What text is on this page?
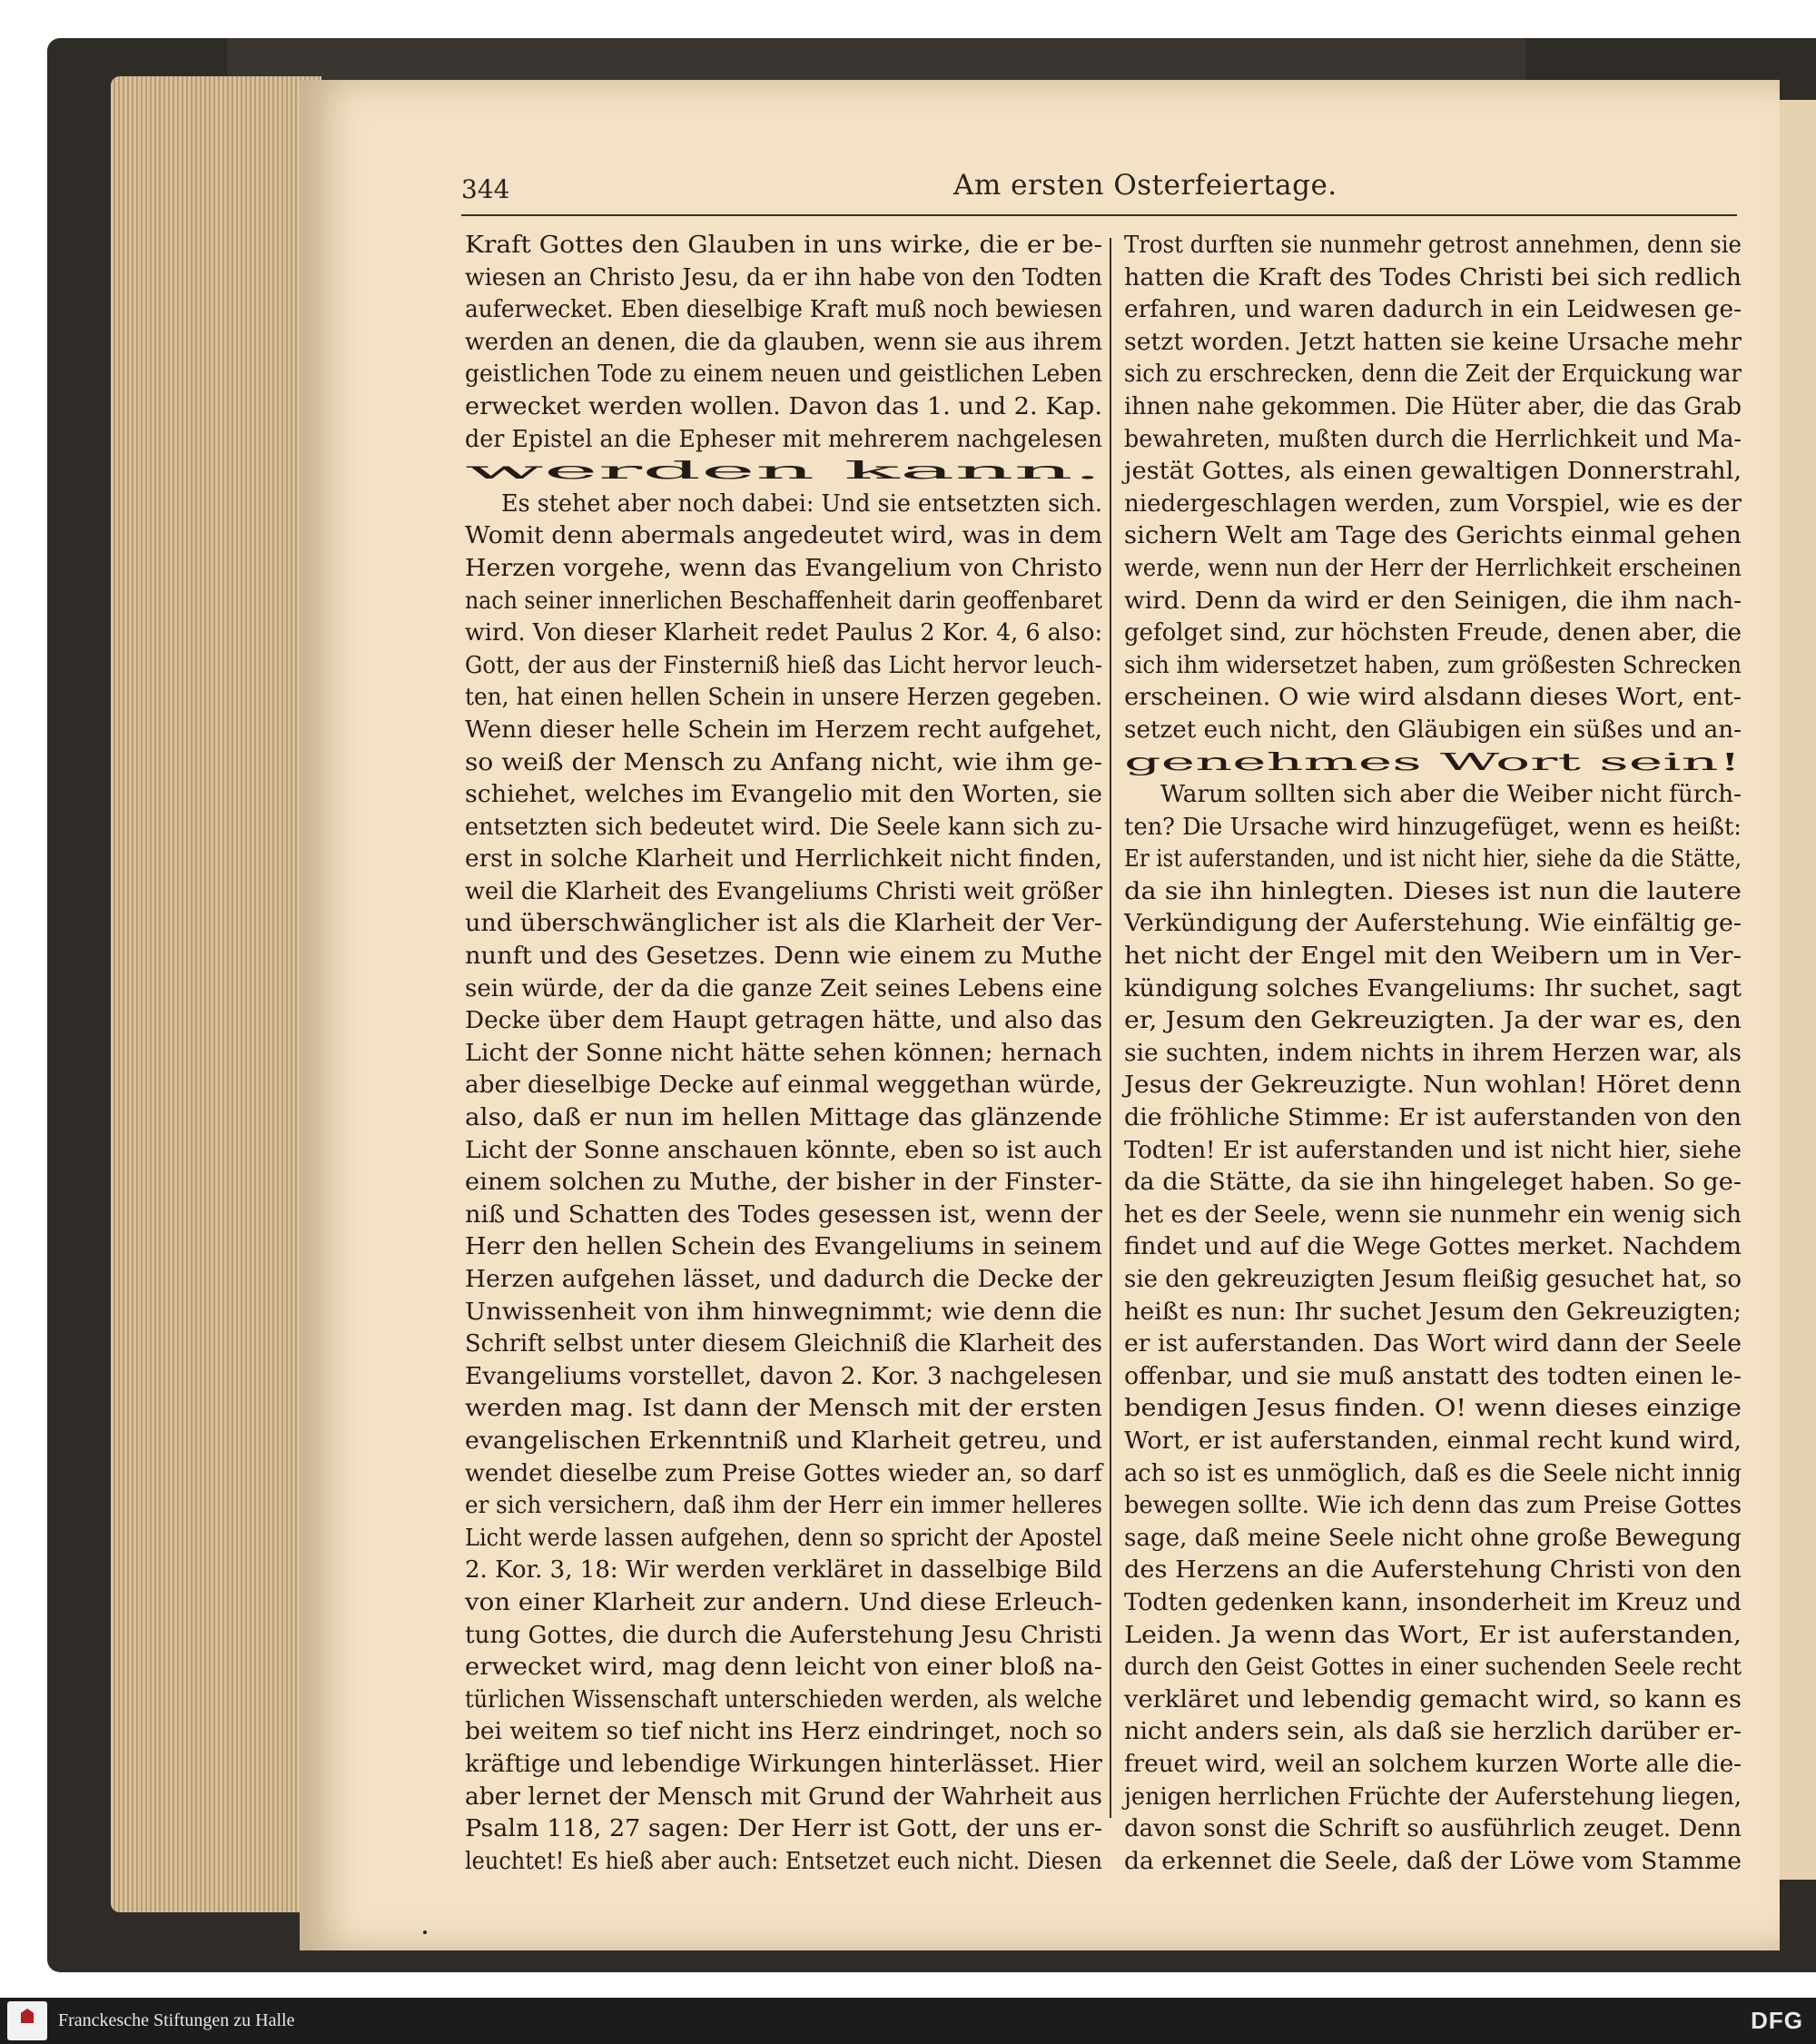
344	Am ersten Osterfeiertage.
Kraft Gottes den Glauben in uns wirke, die er be-
wiesen an Christo Jesu, da er ihn habe von den Todten
auferwecket. Eben dieselbige Kraft muß noch bewiesen
werden an denen, die da glauben, wenn sie aus ihrem
geistlichen Tode zu einem neuen und geistlichen Leben
erwecket werden wollen. Davon das 1. und 2. Kap.
der Epistel an die Epheser mit mehrerem nachgelesen
werden kann.
Es stehet aber noch dabei: Und sie entsetzten sich.
Womit denn abermals angedeutet wird, was in dem
Herzen vorgehe, wenn das Evangelium von Christo
nach seiner innerlichen Beschaffenheit darin geoffenbaret
wird. Von dieser Klarheit redet Paulus 2 Kor. 4, 6 also:
Gott, der aus der Finsterniß hieß das Licht hervor leuch-
ten, hat einen hellen Schein in unsere Herzen gegeben.
Wenn dieser helle Schein im Herzem recht aufgehet,
so weiß der Mensch zu Anfang nicht, wie ihm ge-
schiehet, welches im Evangelio mit den Worten, sie
entsetzten sich bedeutet wird. Die Seele kann sich zu-
erst in solche Klarheit und Herrlichkeit nicht finden,
weil die Klarheit des Evangeliums Christi weit größer
und überschwänglicher ist als die Klarheit der Ver-
nunft und des Gesetzes. Denn wie einem zu Muthe
sein würde, der da die ganze Zeit seines Lebens eine
Decke über dem Haupt getragen hätte, und also das
Licht der Sonne nicht hätte sehen können; hernach
aber dieselbige Decke auf einmal weggethan würde,
also, daß er nun im hellen Mittage das glänzende
Licht der Sonne anschauen könnte, eben so ist auch
einem solchen zu Muthe, der bisher in der Finster-
niß und Schatten des Todes gesessen ist, wenn der
Herr den hellen Schein des Evangeliums in seinem
Herzen aufgehen lässet, und dadurch die Decke der
Unwissenheit von ihm hinwegnimmt; wie denn die
Schrift selbst unter diesem Gleichniß die Klarheit des
Evangeliums vorstellet, davon 2. Kor. 3 nachgelesen
werden mag. Ist dann der Mensch mit der ersten
evangelischen Erkenntniß und Klarheit getreu, und
wendet dieselbe zum Preise Gottes wieder an, so darf
er sich versichern, daß ihm der Herr ein immer helleres
Licht werde lassen aufgehen, denn so spricht der Apostel
2. Kor. 3, 18: Wir werden verkläret in dasselbige Bild
von einer Klarheit zur andern. Und diese Erleuch-
tung Gottes, die durch die Auferstehung Jesu Christi
erwecket wird, mag denn leicht von einer bloß na-
türlichen Wissenschaft unterschieden werden, als welche
bei weitem so tief nicht ins Herz eindringet, noch so
kräftige und lebendige Wirkungen hinterlässet. Hier
aber lernet der Mensch mit Grund der Wahrheit aus
Psalm 118, 27 sagen: Der Herr ist Gott, der uns er-
leuchtet! Es hieß aber auch: Entsetzet euch nicht. Diesen
Trost durften sie nunmehr getrost annehmen, denn sie
hatten die Kraft des Todes Christi bei sich redlich
erfahren, und waren dadurch in ein Leidwesen ge-
setzt worden. Jetzt hatten sie keine Ursache mehr
sich zu erschrecken, denn die Zeit der Erquickung war
ihnen nahe gekommen. Die Hüter aber, die das Grab
bewahreten, mußten durch die Herrlichkeit und Ma-
jestät Gottes, als einen gewaltigen Donnerstrahl,
niedergeschlagen werden, zum Vorspiel, wie es der
sichern Welt am Tage des Gerichts einmal gehen
werde, wenn nun der Herr der Herrlichkeit erscheinen
wird. Denn da wird er den Seinigen, die ihm nach-
gefolget sind, zur höchsten Freude, denen aber, die
sich ihm widersetzet haben, zum größesten Schrecken
erscheinen. O wie wird alsdann dieses Wort, ent-
setzet euch nicht, den Gläubigen ein süßes und an-
genehmes Wort sein!
Warum sollten sich aber die Weiber nicht fürch-
ten? Die Ursache wird hinzugefüget, wenn es heißt:
Er ist auferstanden, und ist nicht hier, siehe da die Stätte,
da sie ihn hinlegten. Dieses ist nun die lautere
Verkündigung der Auferstehung. Wie einfältig ge-
het nicht der Engel mit den Weibern um in Ver-
kündigung solches Evangeliums: Ihr suchet, sagt
er, Jesum den Gekreuzigten. Ja der war es, den
sie suchten, indem nichts in ihrem Herzen war, als
Jesus der Gekreuzigte. Nun wohlan! Höret denn
die fröhliche Stimme: Er ist auferstanden von den
Todten! Er ist auferstanden und ist nicht hier, siehe
da die Stätte, da sie ihn hingeleget haben. So ge-
het es der Seele, wenn sie nunmehr ein wenig sich
findet und auf die Wege Gottes merket. Nachdem
sie den gekreuzigten Jesum fleißig gesuchet hat, so
heißt es nun: Ihr suchet Jesum den Gekreuzigten;
er ist auferstanden. Das Wort wird dann der Seele
offenbar, und sie muß anstatt des todten einen le-
bendigen Jesus finden. O! wenn dieses einzige
Wort, er ist auferstanden, einmal recht kund wird,
ach so ist es unmöglich, daß es die Seele nicht innig
bewegen sollte. Wie ich denn das zum Preise Gottes
sage, daß meine Seele nicht ohne große Bewegung
des Herzens an die Auferstehung Christi von den
Todten gedenken kann, insonderheit im Kreuz und
Leiden. Ja wenn das Wort, Er ist auferstanden,
durch den Geist Gottes in einer suchenden Seele recht
verkläret und lebendig gemacht wird, so kann es
nicht anders sein, als daß sie herzlich darüber er-
freuet wird, weil an solchem kurzen Worte alle die-
jenigen herrlichen Früchte der Auferstehung liegen,
davon sonst die Schrift so ausführlich zeuget. Denn
da erkennet die Seele, daß der Löwe vom Stamme
Franckesche Stiftungen zu Halle	DFG
